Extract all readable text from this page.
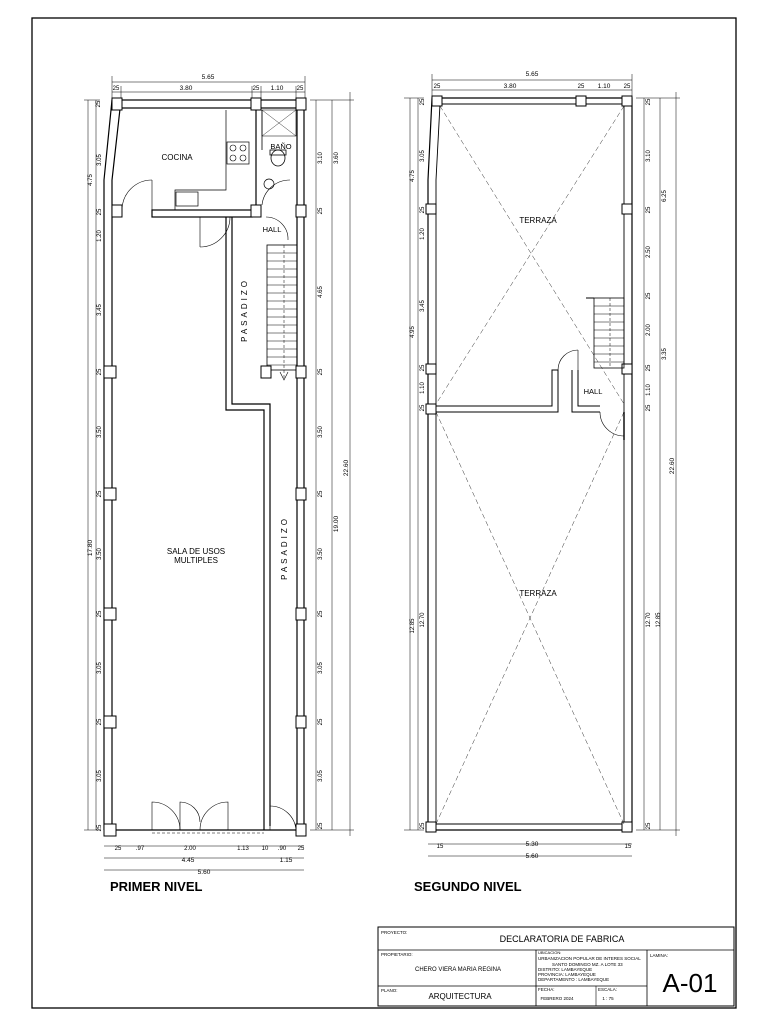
5.65
25	3.80	25 1.10 25
COCINA
BAÑO
HALL
PASADIZO
PASADIZO
SALA DE USOS
MULTIPLES
25
3.05
4.75
25
1.20
3.45
25
3.50
25
17.80 3.50
25
3.05
25
3.05
25
3.10 3.60
25
4.65
25
3.50
25
22.60
19.00
3.50
25
3.05
25
3.05
25
25 .97	2.00	1.13 10 .90 25
4.45	1.15
5.60
PRIMER NIVEL
5.65
25	3.80	25 1.10 25
TERRAZA
HALL
TERRAZA
25
3.05
4.75
25
1.20
3.45
4.95
25
1.10
25
12.85 12.70
25
25
3.10
6.25
25
2.50
25
2.00
3.35
25
1.10
25
22.60
12.70 12.85
25
15	5.30
5.60
15
SEGUNDO NIVEL
PROYECTO:
DECLARATORIA DE FABRICA
PROPIETARIO:
CHERO VIERA MARIA REGINA
UBICACION:
URBANIZACION POPULAR DE INTERES SOCIAL
SANTO DOMINGO MZ. A LOTE 33
DISTRITO: LAMBAYEQUE
PROVINCIA: LAMBAYEQUE
DEPARTAMENTO : LAMBAYEQUE
LAMINA:
A-01
PLANO:
ARQUITECTURA
FECHA:
FEBRERO 2024
ESCALA:
1 : 75
